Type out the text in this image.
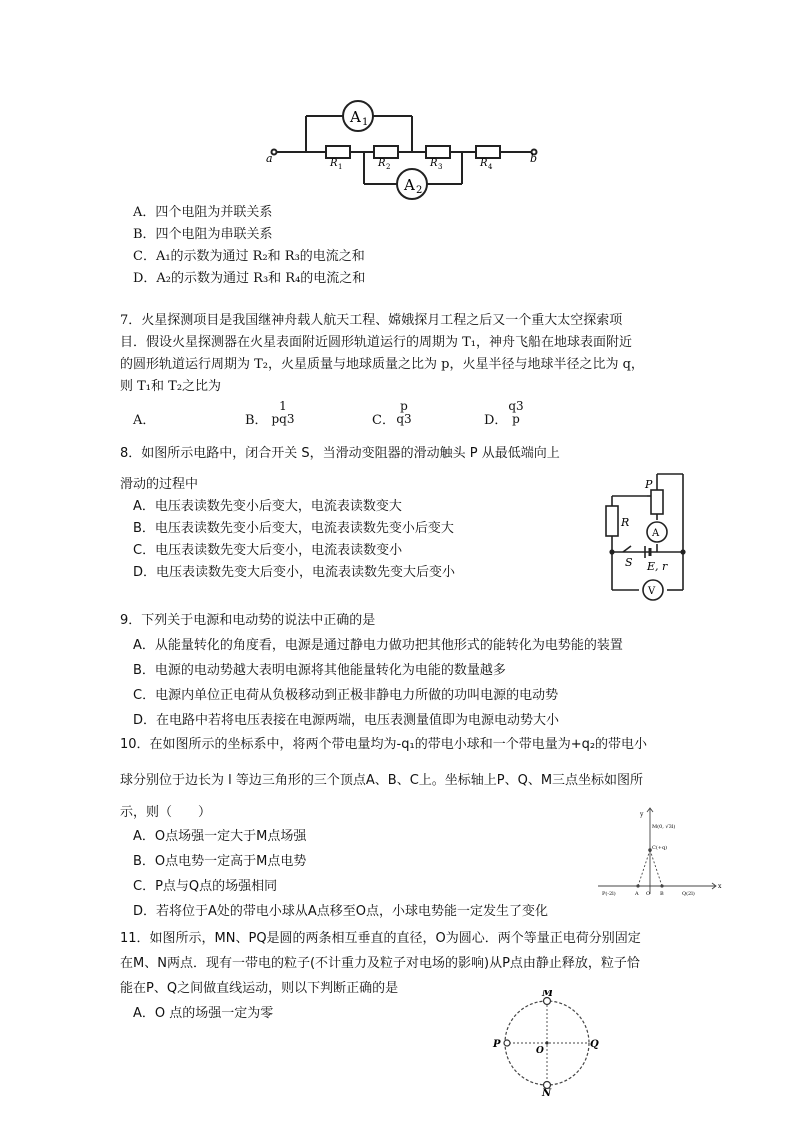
A 1
A 2
a	b
R 1	R 2	R 3	R 4
A．四个电阻为并联关系
B．四个电阻为串联关系
C．A₁的示数为通过 R₂和 R₃的电流之和
D．A₂的示数为通过 R₃和 R₄的电流之和
7．火星探测项目是我国继神舟载人航天工程、嫦娥探月工程之后又一个重大太空探索项
目．假设火星探测器在火星表面附近圆形轨道运行的周期为 T₁，神舟飞船在地球表面附近
的圆形轨道运行周期为 T₂，火星质量与地球质量之比为 p，火星半径与地球半径之比为 q，
则 T₁和 T₂之比为
A．	B．
1
pq3	C．
p
q3	D．
q3
p
8．如图所示电路中，闭合开关 S，当滑动变阻器的滑动触头 P 从最低端向上
滑动的过程中
A．电压表读数先变小后变大，电流表读数变大
B．电压表读数先变小后变大，电流表读数先变小后变大
C．电压表读数先变大后变小，电流表读数变小
D．电压表读数先变大后变小，电流表读数先变大后变小
P
R
A
S E, r
V
9．下列关于电源和电动势的说法中正确的是
A．从能量转化的角度看，电源是通过静电力做功把其他形式的能转化为电势能的装置
B．电源的电动势越大表明电源将其他能量转化为电能的数量越多
C．电源内单位正电荷从负极移动到正极非静电力所做的功叫电源的电动势
D．在电路中若将电压表接在电源两端，电压表测量值即为电源电动势大小
10．在如图所示的坐标系中，将两个带电量均为-q₁的带电小球和一个带电量为+q₂的带电小
球分别位于边长为 l 等边三角形的三个顶点A、B、C上。坐标轴上P、Q、M三点坐标如图所
示，则（　　）
A．O点场强一定大于M点场强
B．O点电势一定高于M点电势
C．P点与Q点的场强相同
D．若将位于A处的带电小球从A点移至O点，小球电势能一定发生了变化
y
x
M(0, √3l)
C(+q)
P(-2l)	A O B	Q(2l)
11．如图所示，MN、PQ是圆的两条相互垂直的直径，O为圆心．两个等量正电荷分别固定
在M、N两点．现有一带电的粒子(不计重力及粒子对电场的影响)从P点由静止释放，粒子恰
能在P、Q之间做直线运动，则以下判断正确的是
A．O 点的场强一定为零
M
N
P	Q
O
